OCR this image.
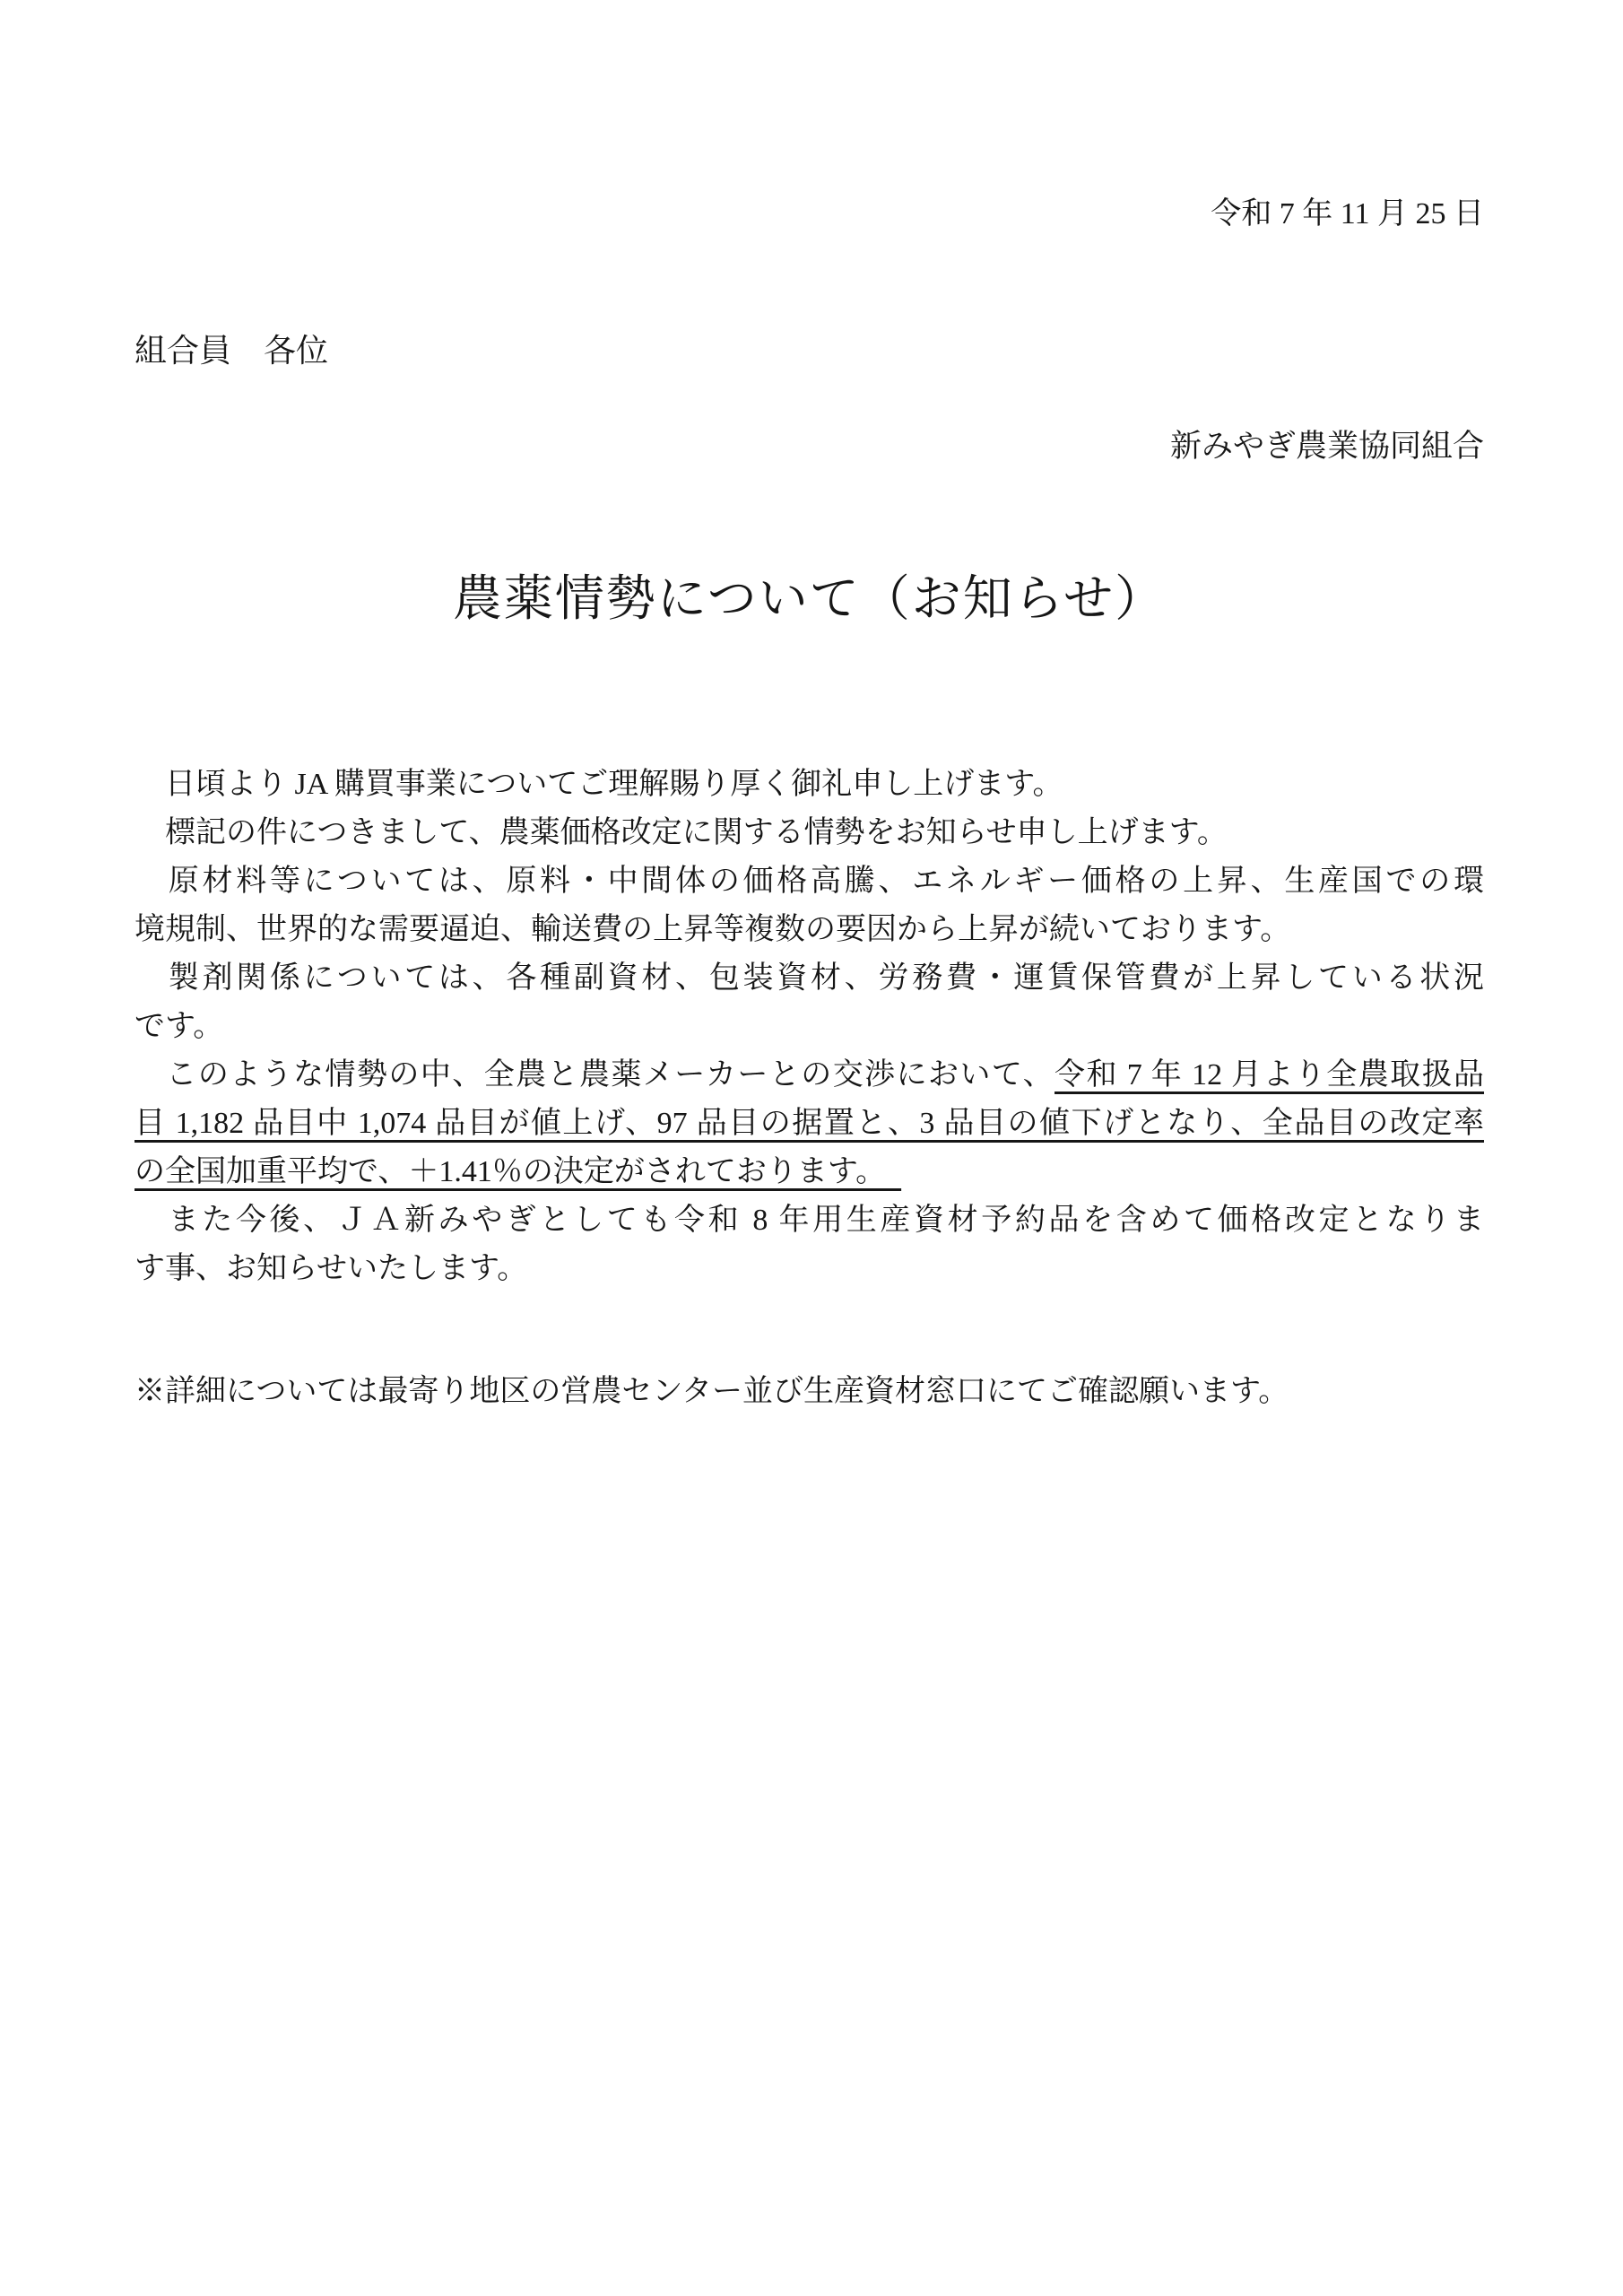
令和 7 年 11 月 25 日
組合員　各位
新みやぎ農業協同組合
農薬情勢について（お知らせ）
　日頃より JA 購買事業についてご理解賜り厚く御礼申し上げます。
　標記の件につきまして、農薬価格改定に関する情勢をお知らせ申し上げます。
　原材料等については、原料・中間体の価格高騰、エネルギー価格の上昇、生産国での環
境規制、世界的な需要逼迫、輸送費の上昇等複数の要因から上昇が続いております。
　製剤関係については、各種副資材、包装資材、労務費・運賃保管費が上昇している状況
です。
　このような情勢の中、全農と農薬メーカーとの交渉において、令和 7 年 12 月より全農取扱品
目 1,182 品目中 1,074 品目が値上げ、97 品目の据置と、3 品目の値下げとなり、全品目の改定率
の全国加重平均で、＋1.41％の決定がされております。　
　また今後、ＪＡ新みやぎとしても令和 8 年用生産資材予約品を含めて価格改定となりま
す事、お知らせいたします。
※詳細については最寄り地区の営農センター並び生産資材窓口にてご確認願います。
